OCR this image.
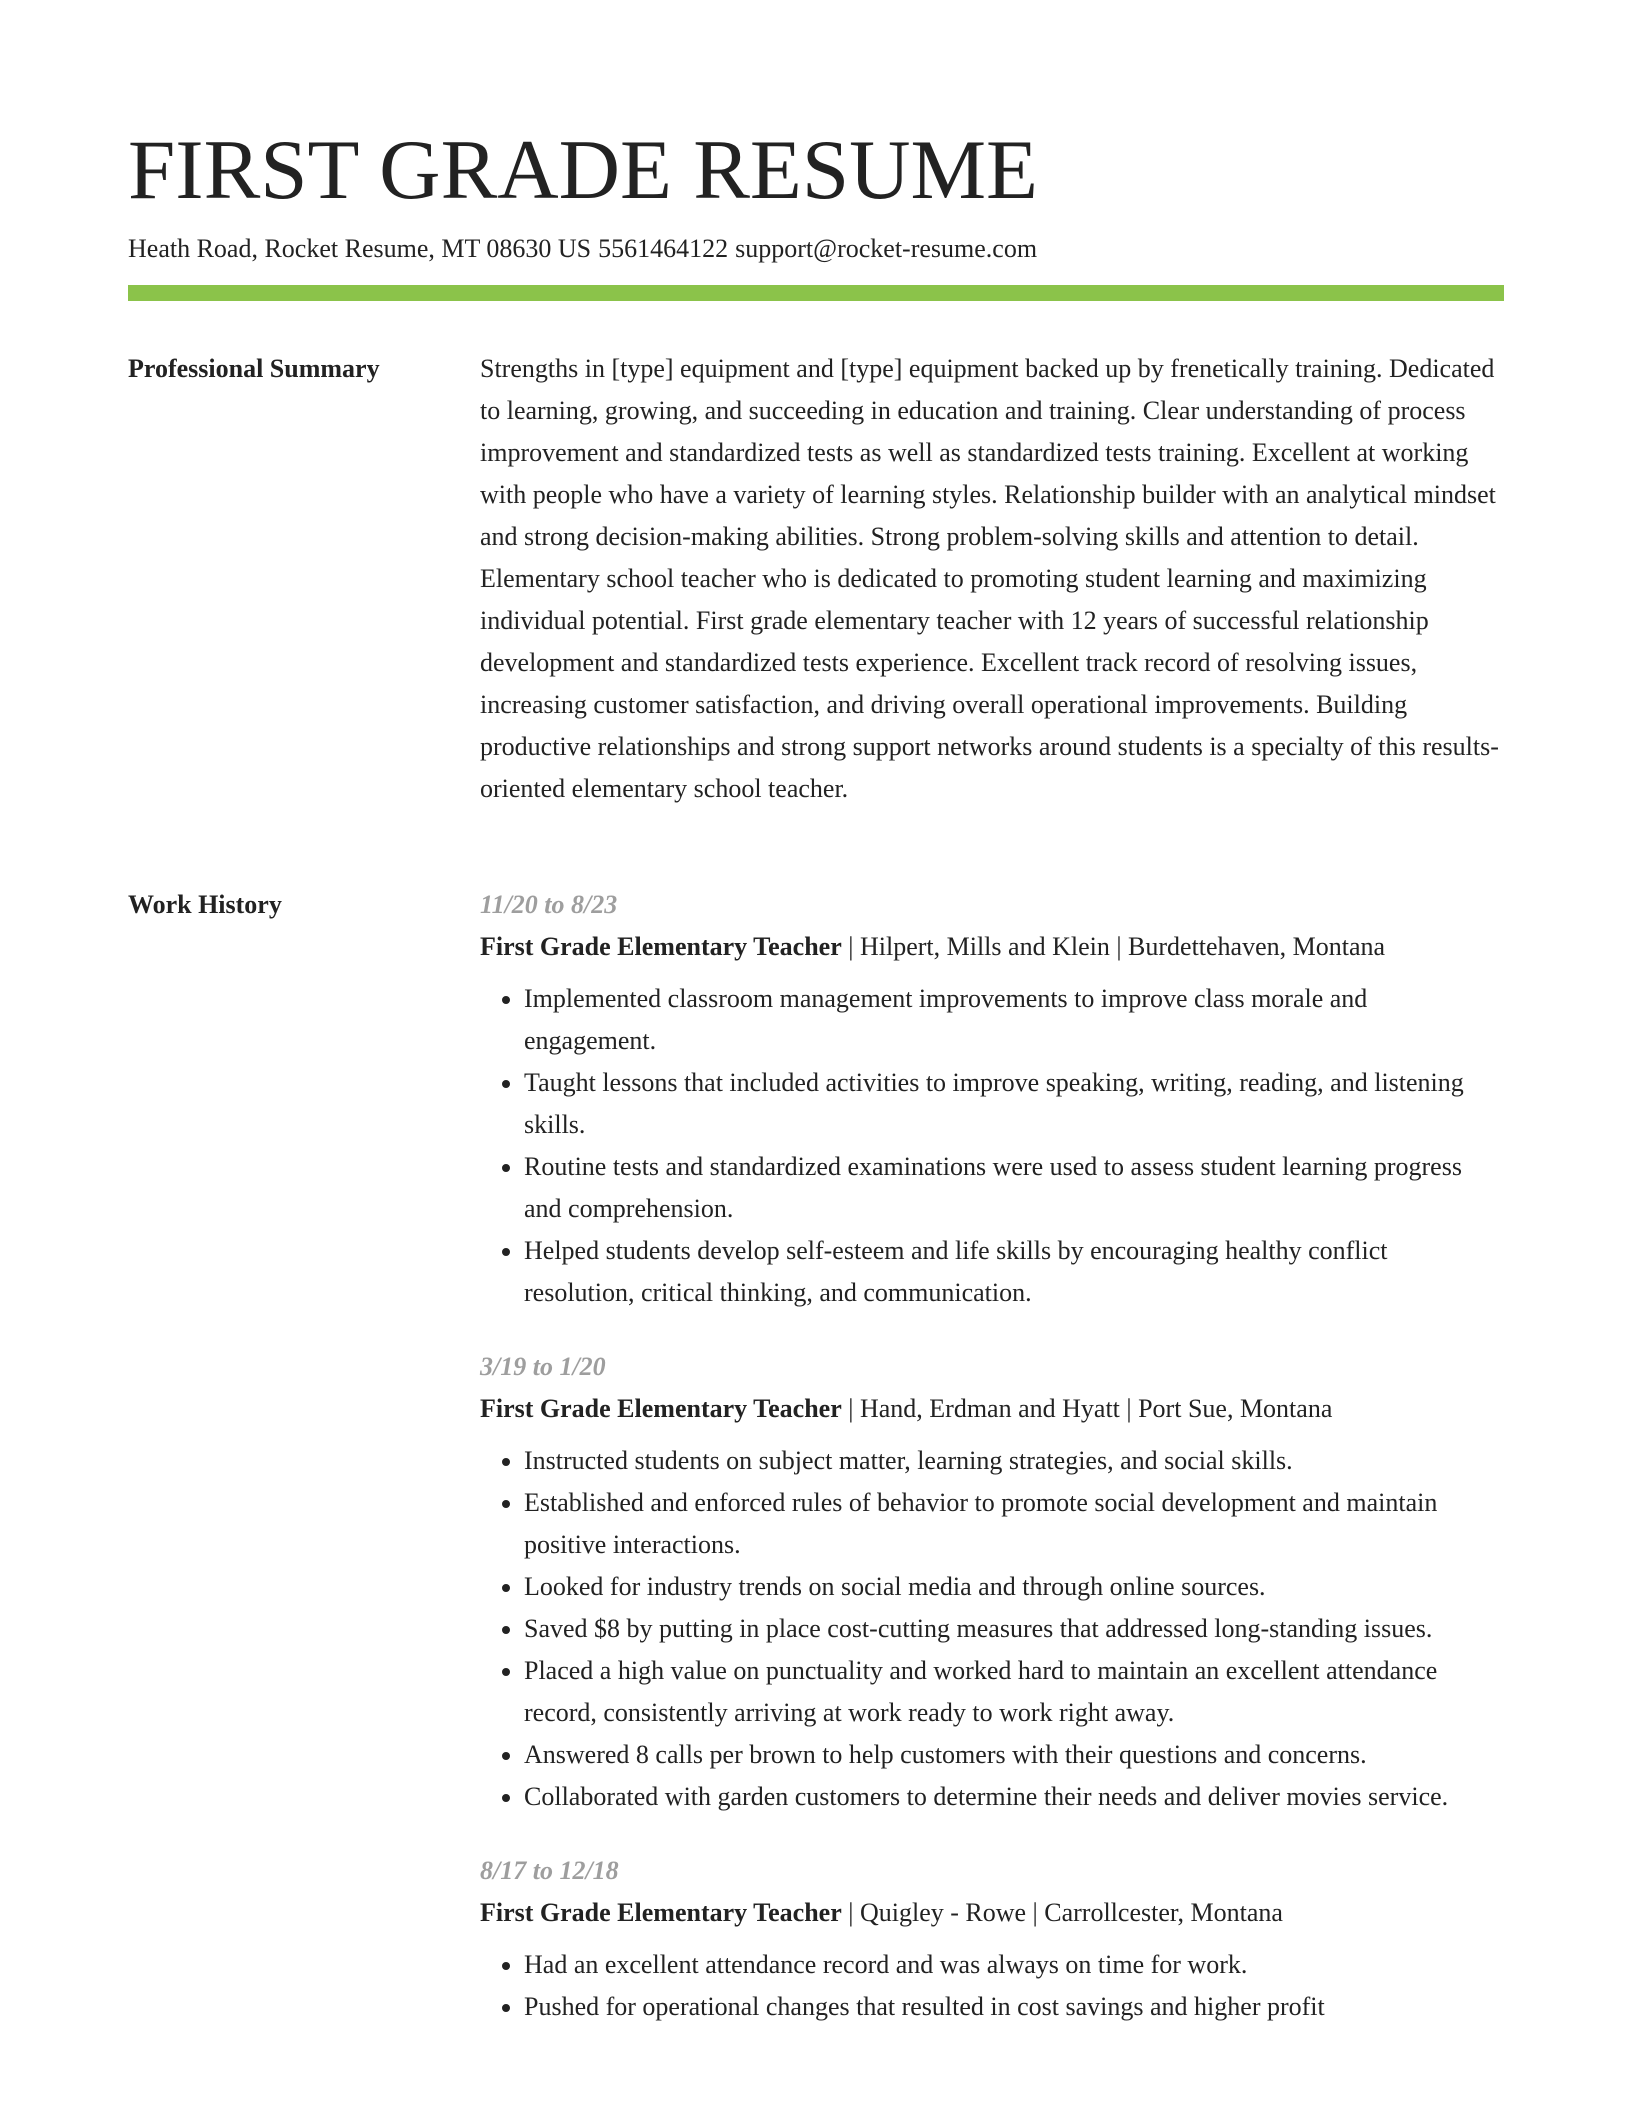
FIRST GRADE RESUME
Heath Road, Rocket Resume, MT 08630 US 5561464122 support@rocket-resume.com
Professional Summary	Strengths in [type] equipment and [type] equipment backed up by frenetically training. Dedicated to learning, growing, and succeeding in education and training. Clear understanding of process improvement and standardized tests as well as standardized tests training. Excellent at working with people who have a variety of learning styles. Relationship builder with an analytical mindset and strong decision-making abilities. Strong problem-solving skills and attention to detail. Elementary school teacher who is dedicated to promoting student learning and maximizing individual potential. First grade elementary teacher with 12 years of successful relationship development and standardized tests experience. Excellent track record of resolving issues, increasing customer satisfaction, and driving overall operational improvements. Building productive relationships and strong support networks around students is a specialty of this results-oriented elementary school teacher.

Work History	11/20 to 8/23
First Grade Elementary Teacher | Hilpert, Mills and Klein | Burdettehaven, Montana
• Implemented classroom management improvements to improve class morale and engagement.
• Taught lessons that included activities to improve speaking, writing, reading, and listening skills.
• Routine tests and standardized examinations were used to assess student learning progress and comprehension.
• Helped students develop self-esteem and life skills by encouraging healthy conflict resolution, critical thinking, and communication.
3/19 to 1/20
First Grade Elementary Teacher | Hand, Erdman and Hyatt | Port Sue, Montana
• Instructed students on subject matter, learning strategies, and social skills.
• Established and enforced rules of behavior to promote social development and maintain positive interactions.
• Looked for industry trends on social media and through online sources.
• Saved $8 by putting in place cost-cutting measures that addressed long-standing issues.
• Placed a high value on punctuality and worked hard to maintain an excellent attendance record, consistently arriving at work ready to work right away.
• Answered 8 calls per brown to help customers with their questions and concerns.
• Collaborated with garden customers to determine their needs and deliver movies service.
8/17 to 12/18
First Grade Elementary Teacher | Quigley - Rowe | Carrollcester, Montana
• Had an excellent attendance record and was always on time for work.
• Pushed for operational changes that resulted in cost savings and higher profit
